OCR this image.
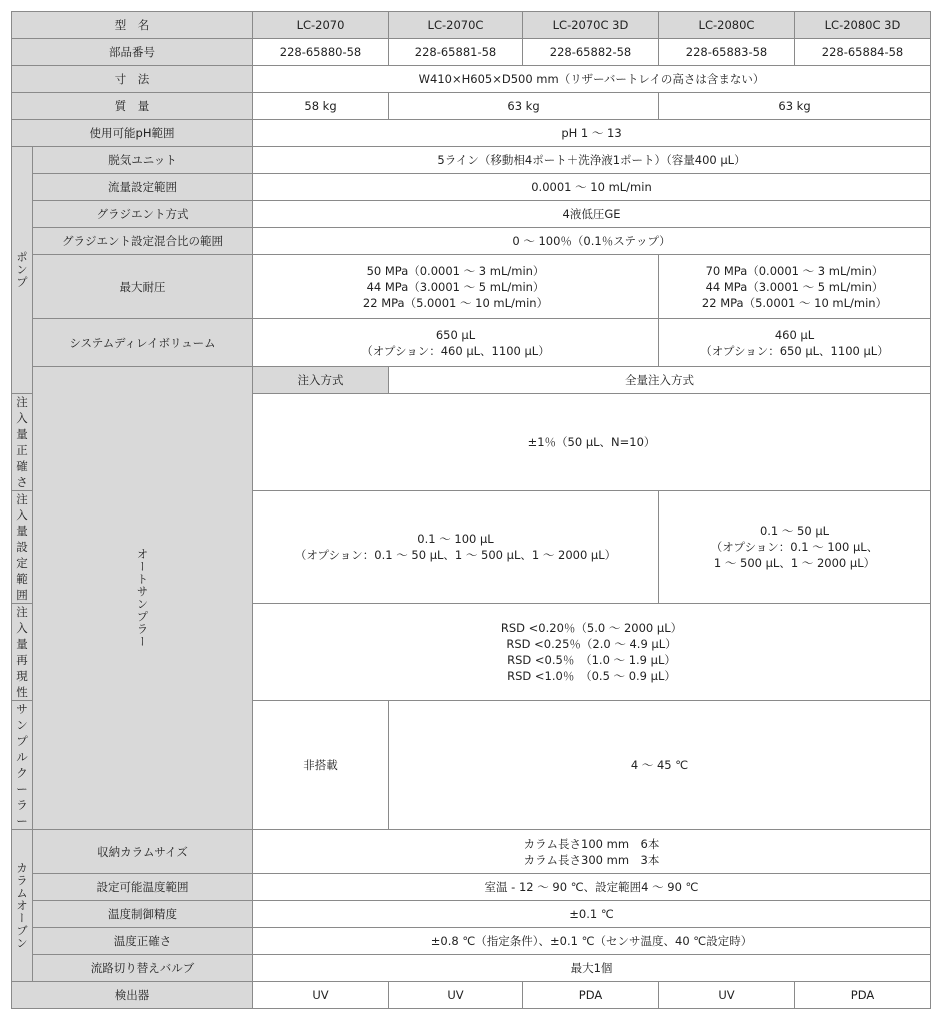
型　名		LC-2070	LC-2070C	LC-2070C 3D	LC-2080C	LC-2080C 3D
部品番号		228-65880-58	228-65881-58	228-65882-58	228-65883-58	228-65884-58
寸　法		W410×H605×D500 mm（リザーバートレイの高さは含まない）				
質　量		58 kg	63 kg		63 kg	
使用可能pH範囲		pH 1 ～ 13				
ポンプ	脱気ユニット	5ライン（移動相4ポート＋洗浄液1ポート）（容量400 μL）				
	流量設定範囲	0.0001 ～ 10 mL/min				
	グラジエント方式	4液低圧GE				
	グラジエント設定混合比の範囲	0 ～ 100％（0.1％ステップ）				
	最大耐圧	50 MPa（0.0001 ～ 3 mL/min）
44 MPa（3.0001 ～ 5 mL/min）
22 MPa（5.0001 ～ 10 mL/min）			70 MPa（0.0001 ～ 3 mL/min）
44 MPa（3.0001 ～ 5 mL/min）
22 MPa（5.0001 ～ 10 mL/min）	

	システムディレイボリューム	650 μL
（オプション：460 μL、1100 μL）			460 μL
（オプション：650 μL、1100 μL）	

	オートサンプラー	注入方式	全量注入方式			
注入量正確さ		±1％（50 μL、N=10）				
注入量設定範囲		0.1 ～ 100 μL
（オプション：0.1 ～ 50 μL、1 ～ 500 μL、1 ～ 2000 μL）			0.1 ～ 50 μL
（オプション：0.1 ～ 100 μL、
1 ～ 500 μL、1 ～ 2000 μL）	

注入量再現性		RSD <0.20％（5.0 ～ 2000 μL）
RSD <0.25％（2.0 ～ 4.9 μL）
RSD <0.5％　（1.0 ～ 1.9 μL）
RSD <1.0％　（0.5 ～ 0.9 μL）				

サンプルクーラー		非搭載	4 ～ 45 ℃			
カラムオーブン	収納カラムサイズ	カラム長さ100 mm　6本
カラム長さ300 mm　3本				

	設定可能温度範囲	室温 - 12 ～ 90 ℃、設定範囲4 ～ 90 ℃				
	温度制御精度	±0.1 ℃				
	温度正確さ	±0.8 ℃（指定条件）、±0.1 ℃（センサ温度、40 ℃設定時）				
	流路切り替えバルブ	最大1個				
検出器		UV	UV	PDA	UV	PDA
